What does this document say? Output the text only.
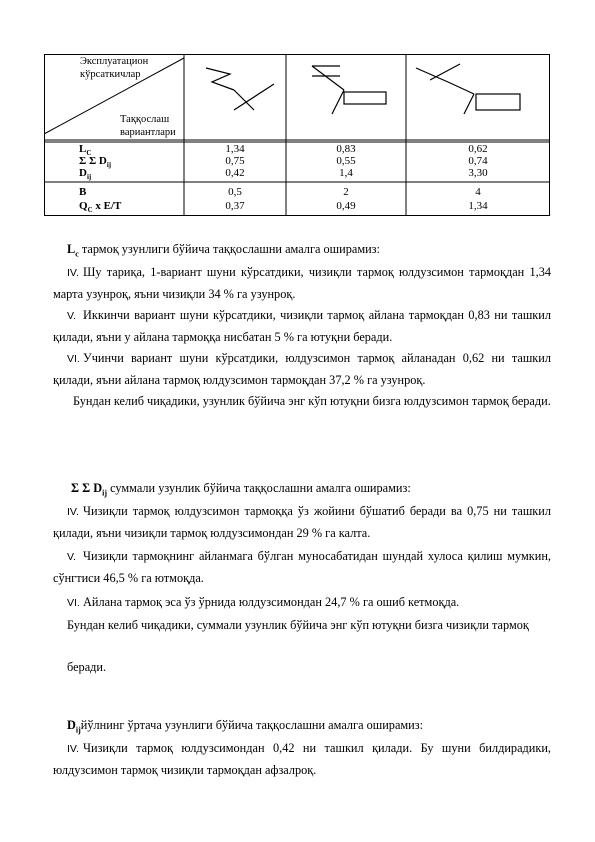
Эксплуатацион
кўрсаткичлар
Таққослаш
вариантлари
$L_С$
Σ Σ $D_{ij}$
$D_{ij}$
1,34
0,75
0,42
0,83
0,55
1,4
0,62
0,74
3,30
B
$Q_C$ x E/T
0,5
0,37
2
0,49
4
1,34
$L_c$ тармоқ узунлиги бўйича таққослашни амалга оширамиз:
IV. Шу тариқа, 1-вариант шуни кўрсатдики, чизиқли тармоқ юлдузсимон тармоқдан 1,34 марта узунроқ, яъни чизиқли 34 % га узунроқ.
V. Иккинчи вариант шуни кўрсатдики, чизиқли тармоқ айлана тармоқдан 0,83 ни ташкил қилади, яъни у айлана тармоққа нисбатан 5 % га ютуқни беради.
VI. Учинчи вариант шуни кўрсатдики, юлдузсимон тармоқ айланадан 0,62 ни ташкил қилади, яъни айлана тармоқ юлдузсимон тармоқдан 37,2 % га узунроқ.
Бундан келиб чиқадики, узунлик бўйича энг кўп ютуқни бизга юлдузсимон тармоқ беради.
Σ Σ $D_{ij}$ суммали узунлик бўйича таққослашни амалга оширамиз:
IV. Чизиқли тармоқ юлдузсимон тармоққа ўз жойини бўшатиб беради ва 0,75 ни ташкил қилади, яъни чизиқли тармоқ юлдузсимондан 29 % га калта.
V. Чизиқли тармоқнинг айланмага бўлган муносабатидан шундай хулоса қилиш мумкин, сўнгтиси 46,5 % га ютмоқда.
VI. Айлана тармоқ эса ўз ўрнида юлдузсимондан 24,7 % га ошиб кетмоқда.
Бундан келиб чиқадики, суммали узунлик бўйича энг кўп ютуқни бизга чизиқли тармоқ
беради.
$D_{ij}йўлнинг$ ўртача узунлиги бўйича таққослашни амалга оширамиз:
IV. Чизиқли тармоқ юлдузсимондан 0,42 ни ташкил қилади. Бу шуни билдирадики, юлдузсимон тармоқ чизиқли тармоқдан афзалроқ.
